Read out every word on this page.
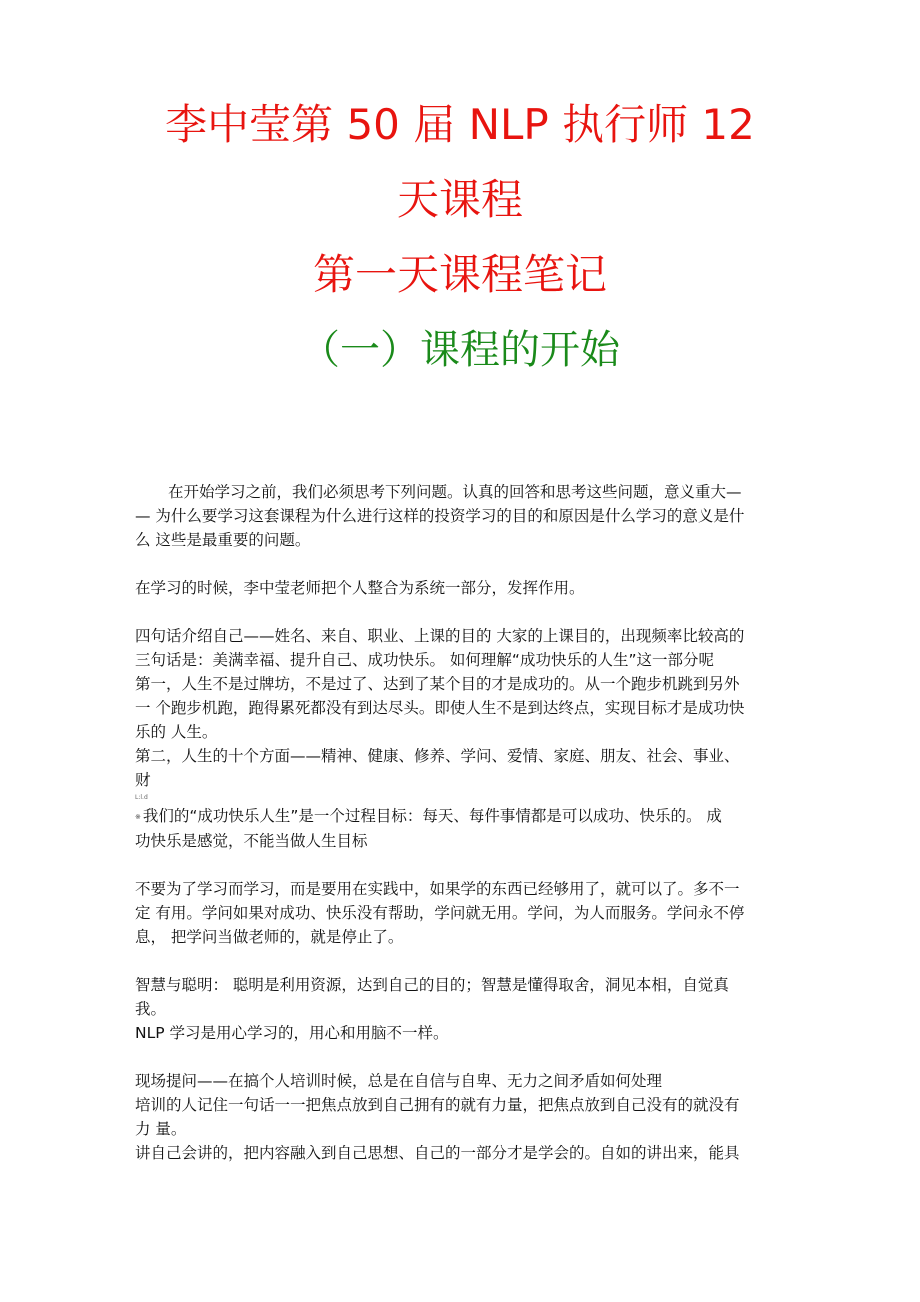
李中莹第 50 届 NLP 执行师 12
天课程
第一天课程笔记
（一）课程的开始

在开始学习之前，我们必须思考下列问题。认真的回答和思考这些问题，意义重大—

— 为什么要学习这套课程为什么进行这样的投资学习的目的和原因是什么学习的意义是什

么 这些是最重要的问题。

在学习的时候，李中莹老师把个人整合为系统一部分，发挥作用。

四句话介绍自己——姓名、来自、职业、上课的目的 大家的上课目的，出现频率比较高的

三句话是：美满幸福、提升自己、成功快乐。 如何理解“成功快乐的人生”这一部分呢

第一，人生不是过牌坊，不是过了、达到了某个目的才是成功的。从一个跑步机跳到另外

一 个跑步机跑，跑得累死都没有到达尽头。即使人生不是到达终点，实现目标才是成功快

乐的 人生。

第二，人生的十个方面——精神、健康、修养、学问、爱情、家庭、朋友、社会、事业、

财

L:l.d

※ 我们的“成功快乐人生”是一个过程目标：每天、每件事情都是可以成功、快乐的。 成

功快乐是感觉，不能当做人生目标

不要为了学习而学习，而是要用在实践中，如果学的东西已经够用了，就可以了。多不一

定 有用。学问如果对成功、快乐没有帮助，学问就无用。学问，为人而服务。学问永不停

息， 把学问当做老师的，就是停止了。

智慧与聪明： 聪明是利用资源，达到自己的目的；智慧是懂得取舍，洞见本相，自觉真

我。

NLP 学习是用心学习的，用心和用脑不一样。

现场提问——在搞个人培训时候，总是在自信与自卑、无力之间矛盾如何处理

培训的人记住一句话一一把焦点放到自己拥有的就有力量，把焦点放到自己没有的就没有

力 量。

讲自己会讲的，把内容融入到自己思想、自己的一部分才是学会的。自如的讲出来，能具
